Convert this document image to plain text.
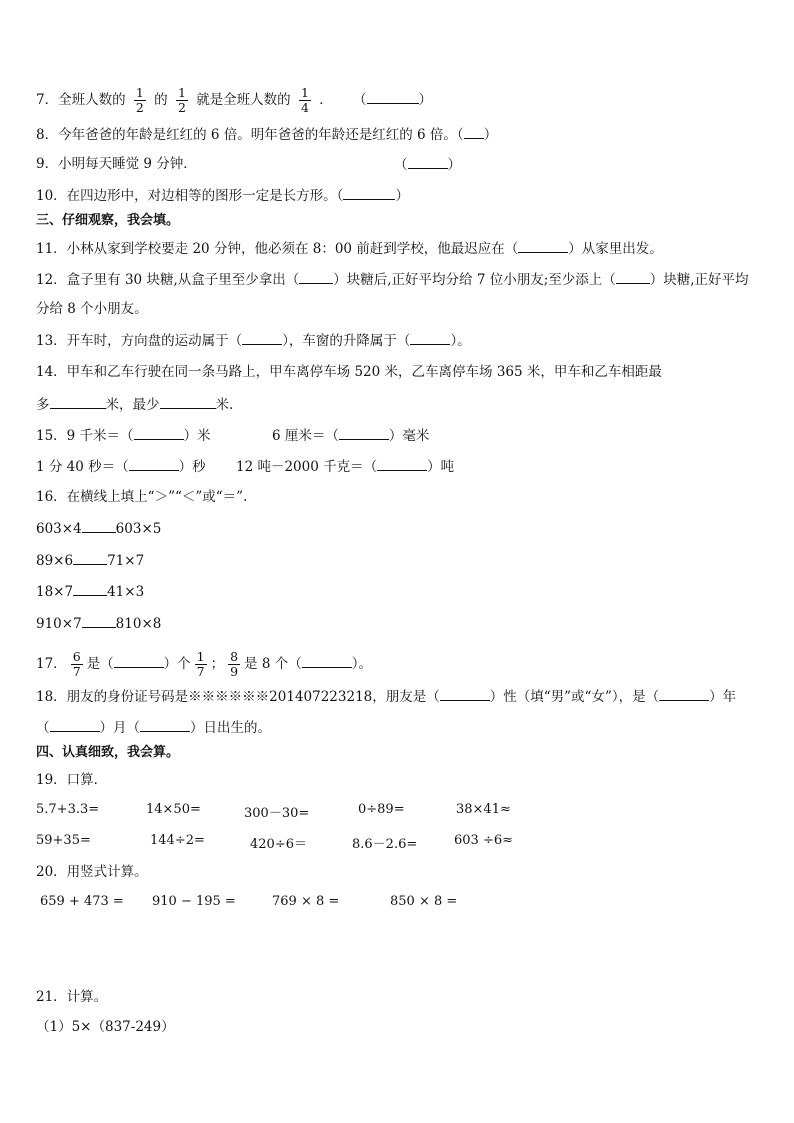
7．全班人数的 $\frac{1}{2}$ 的 $\frac{1}{2}$ 就是全班人数的 $\frac{1}{4}$ ． （	）
8．今年爸爸的年龄是红红的 6 倍。明年爸爸的年龄还是红红的 6 倍。（ ）
9．小明每天睡觉 9 分钟．	（	）
10．在四边形中，对边相等的图形一定是长方形。（	）
三、仔细观察，我会填。
11．小林从家到学校要走 20 分钟，他必须在 8：00 前赶到学校，他最迟应在（	）从家里出发。
12．盒子里有 30 块糖,从盒子里至少拿出（	）块糖后,正好平均分给 7 位小朋友;至少添上（	）块糖,正好平均
分给 8 个小朋友。
13．开车时，方向盘的运动属于（	），车窗的升降属于（	）。
14．甲车和乙车行驶在同一条马路上，甲车离停车场 520 米，乙车离停车场 365 米，甲车和乙车相距最
多	米，最少	米.
15．9 千米＝（	）米	6 厘米＝（	）毫米
1 分 40 秒＝（	）秒 12 吨－2000 千克＝（	）吨
16．在横线上填上“＞”“＜”或“＝”.
603×4	603×5
89×6	71×7
18×7	41×3
910×7	810×8
17． $\frac{6}{7}$ 是（	）个 $\frac{1}{7}$ ； $\frac{8}{9}$ 是 8 个（	）。
18．朋友的身份证号码是※※※※※※201407223218，朋友是（	）性（填“男”或“女”），是（	）年
（	）月（	）日出生的。
四、认真细致，我会算。
19．口算．
5.7+3.3=	14×50=	300－30=	0÷89=	38×41≈
59+35=	144÷2=	420÷6＝	8.6－2.6=	603 ÷6≈
20．用竖式计算。
659 + 473 = 910 − 195 =	769 × 8 =	850 × 8 =
21．计算。
（1）5×（837-249）
